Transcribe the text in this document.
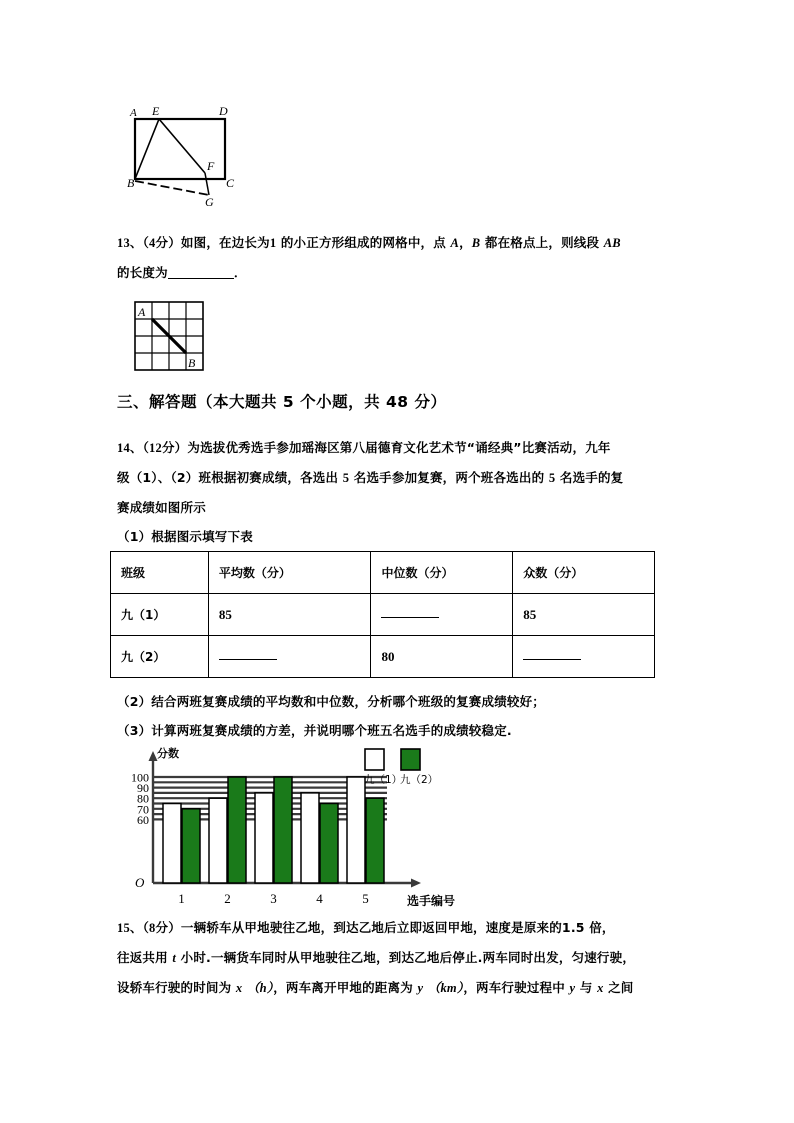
A E	D
B
F
C
G
13、（4分）如图，在边长为1 的小正方形组成的网格中，点 A，B 都在格点上，则线段 AB
的长度为	．
A
B
三、解答题（本大题共 5 个小题，共 48 分）
14、（12分）为选拔优秀选手参加瑶海区第八届德育文化艺术节“诵经典”比赛活动，九年
级（1）、（2）班根据初赛成绩，各选出 5 名选手参加复赛，两个班各选出的 5 名选手的复
赛成绩如图所示
（1）根据图示填写下表
班级	平均数（分）	中位数（分）	众数（分）
九（1）	85		85
九（2）		80	
（2）结合两班复赛成绩的平均数和中位数，分析哪个班级的复赛成绩较好；
（3）计算两班复赛成绩的方差，并说明哪个班五名选手的成绩较稳定.
60
70
80
90
100
分数
选手编号
O
1	2	3	4	5
九（1）
九（2）
15、（8分）一辆轿车从甲地驶往乙地，到达乙地后立即返回甲地，速度是原来的1.5 倍，
往返共用 t 小时.一辆货车同时从甲地驶往乙地，到达乙地后停止.两车同时出发，匀速行驶，
设轿车行驶的时间为 x （h），两车离开甲地的距离为 y （km），两车行驶过程中 y 与 x 之间
